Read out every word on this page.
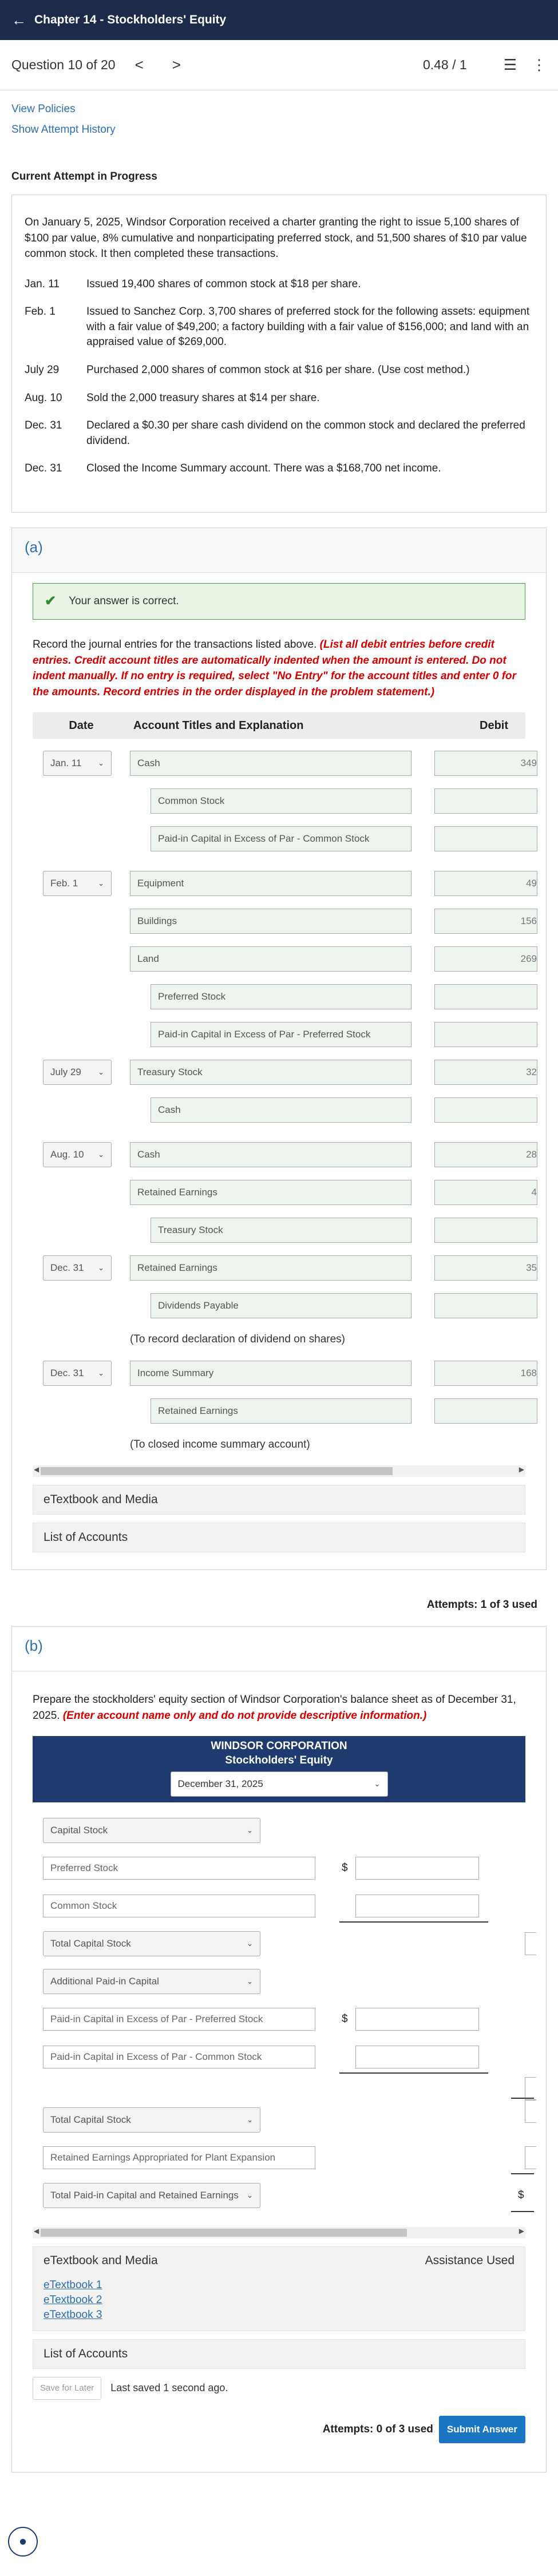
← Chapter 14 - Stockholders' Equity
Question 10 of 20 < >	0.48 / 1 ☰ ⋮
View Policies
Show Attempt History
Current Attempt in Progress

On January 5, 2025, Windsor Corporation received a charter granting the right to issue 5,100 shares of $100 par value, 8% cumulative and nonparticipating preferred stock, and 51,500 shares of $10 par value common stock. It then completed these transactions.

Jan. 11	Issued 19,400 shares of common stock at $18 per share.
Feb. 1	Issued to Sanchez Corp. 3,700 shares of preferred stock for the following assets: equipment with a fair value of $49,200; a factory building with a fair value of $156,000; and land with an appraised value of $269,000.
July 29	Purchased 2,000 shares of common stock at $16 per share. (Use cost method.)
Aug. 10	Sold the 2,000 treasury shares at $14 per share.
Dec. 31	Declared a $0.30 per share cash dividend on the common stock and declared the preferred dividend.
Dec. 31	Closed the Income Summary account. There was a $168,700 net income.
(a)
✔ Your answer is correct.
Record the journal entries for the transactions listed above. (List all debit entries before credit entries. Credit account titles are automatically indented when the amount is entered. Do not indent manually. If no entry is required, select "No Entry" for the account titles and enter 0 for the amounts. Record entries in the order displayed in the problem statement.)
Date	Account Titles and Explanation	Debit
Jan. 11 ⌄	Cash	349
Common Stock
Paid-in Capital in Excess of Par - Common Stock
Feb. 1	⌄	Equipment	49
Buildings	156
Land	269
Preferred Stock
Paid-in Capital in Excess of Par - Preferred Stock
July 29 ⌄	Treasury Stock	32
Cash
Aug. 10 ⌄	Cash	28
Retained Earnings	4
Treasury Stock
Dec. 31 ⌄	Retained Earnings	35
Dividends Payable
(To record declaration of dividend on shares)
Dec. 31 ⌄	Income Summary	168
Retained Earnings
(To closed income summary account)
◀	▶
eTextbook and Media
List of Accounts
Attempts: 1 of 3 used
(b)
Prepare the stockholders' equity section of Windsor Corporation's balance sheet as of December 31, 2025. (Enter account name only and do not provide descriptive information.)
WINDSOR CORPORATION
Stockholders' Equity
December 31, 2025	⌄
Capital Stock	⌄
Preferred Stock	$
Common Stock
Total Capital Stock	⌄
Additional Paid-in Capital	⌄
Paid-in Capital in Excess of Par - Preferred Stock	$
Paid-in Capital in Excess of Par - Common Stock
Total Capital Stock	⌄
Retained Earnings Appropriated for Plant Expansion
Total Paid-in Capital and Retained Earnings ⌄	$
◀	▶
eTextbook and Media	Assistance Used
eTextbook 1
eTextbook 2
eTextbook 3
List of Accounts
Save for Later	Last saved 1 second ago.
Attempts: 0 of 3 used	Submit Answer
●
